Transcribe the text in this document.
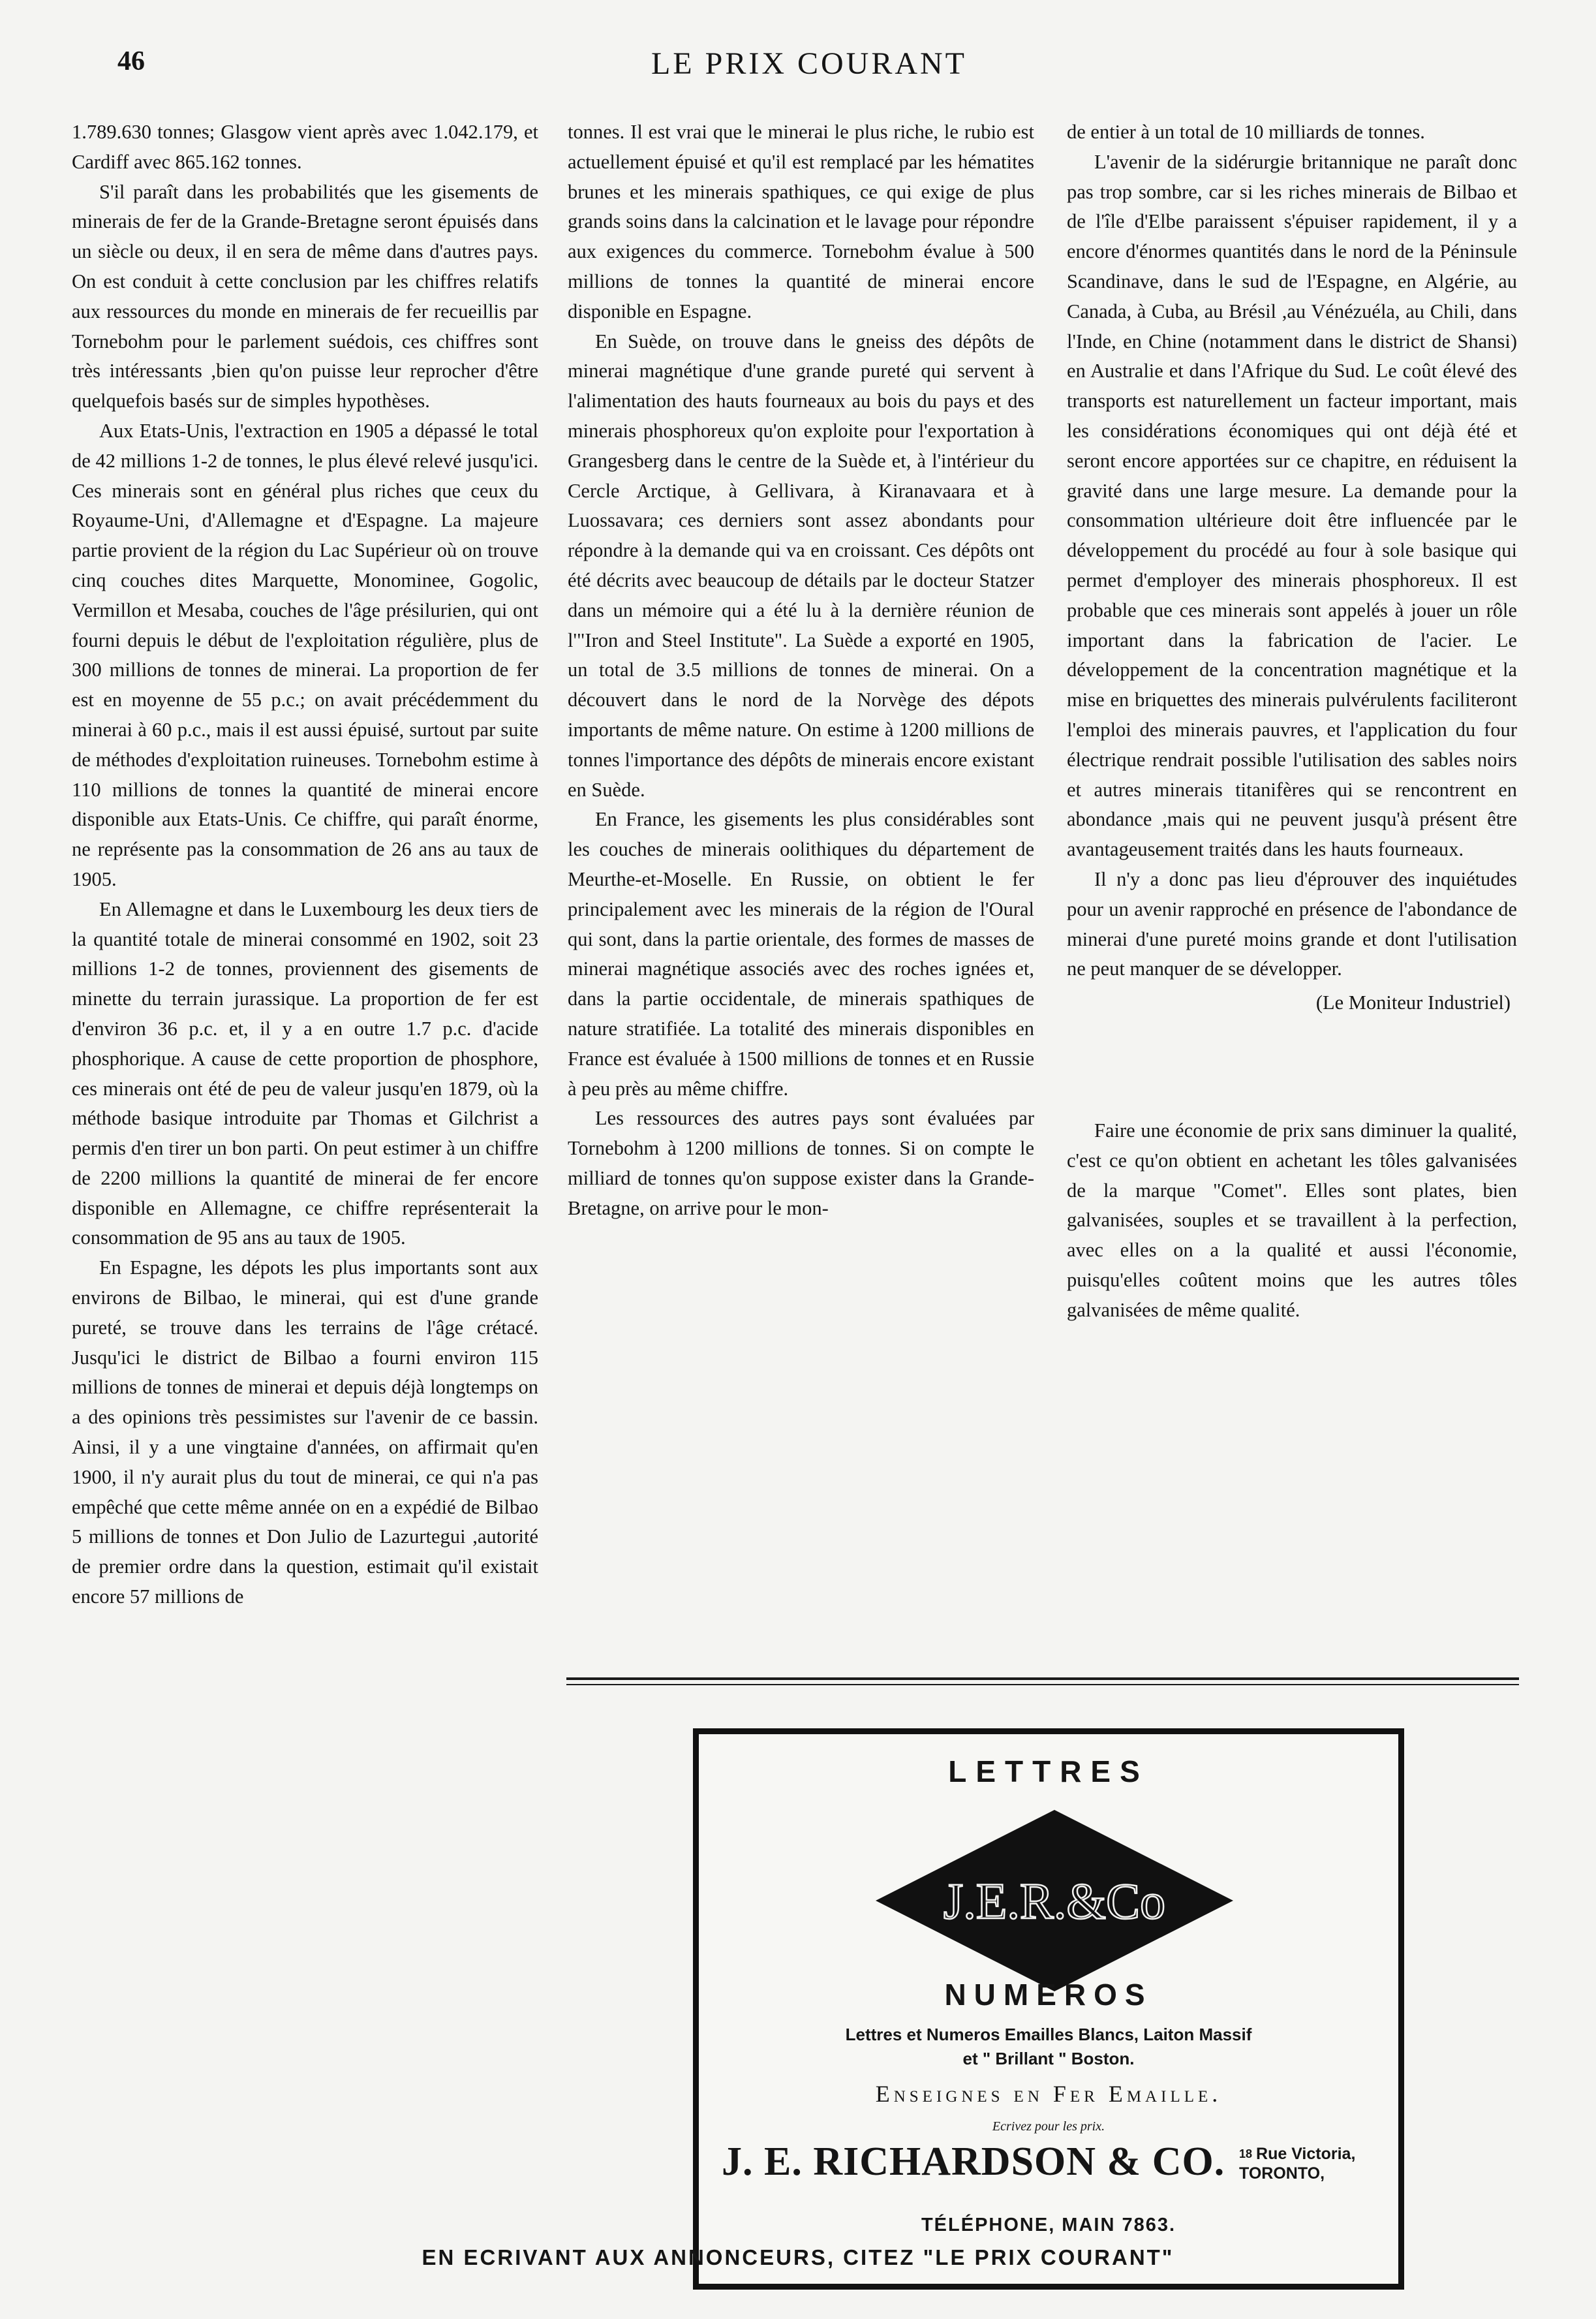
46	LE PRIX COURANT

1.789.630 tonnes; Glasgow vient après avec 1.042.179, et Cardiff avec 865.162 tonnes.

S'il paraît dans les probabilités que les gisements de minerais de fer de la Grande-Bretagne seront épuisés dans un siècle ou deux, il en sera de même dans d'autres pays. On est conduit à cette conclusion par les chiffres relatifs aux ressources du monde en minerais de fer recueillis par Tornebohm pour le parlement suédois, ces chiffres sont très intéressants ,bien qu'on puisse leur reprocher d'être quelquefois basés sur de simples hypothèses.

Aux Etats-Unis, l'extraction en 1905 a dépassé le total de 42 millions 1-2 de tonnes, le plus élevé relevé jusqu'ici. Ces minerais sont en général plus riches que ceux du Royaume-Uni, d'Allemagne et d'Espagne. La majeure partie provient de la région du Lac Supérieur où on trouve cinq couches dites Marquette, Monominee, Gogolic, Vermillon et Mesaba, couches de l'âge présilurien, qui ont fourni depuis le début de l'exploitation régulière, plus de 300 millions de tonnes de minerai. La proportion de fer est en moyenne de 55 p.c.; on avait précédemment du minerai à 60 p.c., mais il est aussi épuisé, surtout par suite de méthodes d'exploitation ruineuses. Tornebohm estime à 110 millions de tonnes la quantité de minerai encore disponible aux Etats-Unis. Ce chiffre, qui paraît énorme, ne représente pas la consommation de 26 ans au taux de 1905.

En Allemagne et dans le Luxembourg les deux tiers de la quantité totale de minerai consommé en 1902, soit 23 millions 1-2 de tonnes, proviennent des gisements de minette du terrain jurassique. La proportion de fer est d'environ 36 p.c. et, il y a en outre 1.7 p.c. d'acide phosphorique. A cause de cette proportion de phosphore, ces minerais ont été de peu de valeur jusqu'en 1879, où la méthode basique introduite par Thomas et Gilchrist a permis d'en tirer un bon parti. On peut estimer à un chiffre de 2200 millions la quantité de minerai de fer encore disponible en Allemagne, ce chiffre représenterait la consommation de 95 ans au taux de 1905.

En Espagne, les dépots les plus importants sont aux environs de Bilbao, le minerai, qui est d'une grande pureté, se trouve dans les terrains de l'âge crétacé. Jusqu'ici le district de Bilbao a fourni environ 115 millions de tonnes de minerai et depuis déjà longtemps on a des opinions très pessimistes sur l'avenir de ce bassin. Ainsi, il y a une vingtaine d'années, on affirmait qu'en 1900, il n'y aurait plus du tout de minerai, ce qui n'a pas empêché que cette même année on en a expédié de Bilbao 5 millions de tonnes et Don Julio de Lazurtegui ,autorité de premier ordre dans la question, estimait qu'il existait encore 57 millions de

tonnes. Il est vrai que le minerai le plus riche, le rubio est actuellement épuisé et qu'il est remplacé par les hématites brunes et les minerais spathiques, ce qui exige de plus grands soins dans la calcination et le lavage pour répondre aux exigences du commerce. Tornebohm évalue à 500 millions de tonnes la quantité de minerai encore disponible en Espagne.

En Suède, on trouve dans le gneiss des dépôts de minerai magnétique d'une grande pureté qui servent à l'alimentation des hauts fourneaux au bois du pays et des minerais phosphoreux qu'on exploite pour l'exportation à Grangesberg dans le centre de la Suède et, à l'intérieur du Cercle Arctique, à Gellivara, à Kiranavaara et à Luossavara; ces derniers sont assez abondants pour répondre à la demande qui va en croissant. Ces dépôts ont été décrits avec beaucoup de détails par le docteur Statzer dans un mémoire qui a été lu à la dernière réunion de l'"Iron and Steel Institute". La Suède a exporté en 1905, un total de 3.5 millions de tonnes de minerai. On a découvert dans le nord de la Norvège des dépots importants de même nature. On estime à 1200 millions de tonnes l'importance des dépôts de minerais encore existant en Suède.

En France, les gisements les plus considérables sont les couches de minerais oolithiques du département de Meurthe-et-Moselle. En Russie, on obtient le fer principalement avec les minerais de la région de l'Oural qui sont, dans la partie orientale, des formes de masses de minerai magnétique associés avec des roches ignées et, dans la partie occidentale, de minerais spathiques de nature stratifiée. La totalité des minerais disponibles en France est évaluée à 1500 millions de tonnes et en Russie à peu près au même chiffre.

Les ressources des autres pays sont évaluées par Tornebohm à 1200 millions de tonnes. Si on compte le milliard de tonnes qu'on suppose exister dans la Grande-Bretagne, on arrive pour le mon-

de entier à un total de 10 milliards de tonnes.

L'avenir de la sidérurgie britannique ne paraît donc pas trop sombre, car si les riches minerais de Bilbao et de l'île d'Elbe paraissent s'épuiser rapidement, il y a encore d'énormes quantités dans le nord de la Péninsule Scandinave, dans le sud de l'Espagne, en Algérie, au Canada, à Cuba, au Brésil ,au Vénézuéla, au Chili, dans l'Inde, en Chine (notamment dans le district de Shansi) en Australie et dans l'Afrique du Sud. Le coût élevé des transports est naturellement un facteur important, mais les considérations économiques qui ont déjà été et seront encore apportées sur ce chapitre, en réduisent la gravité dans une large mesure. La demande pour la consommation ultérieure doit être influencée par le développement du procédé au four à sole basique qui permet d'employer des minerais phosphoreux. Il est probable que ces minerais sont appelés à jouer un rôle important dans la fabrication de l'acier. Le développement de la concentration magnétique et la mise en briquettes des minerais pulvérulents faciliteront l'emploi des minerais pauvres, et l'application du four électrique rendrait possible l'utilisation des sables noirs et autres minerais titanifères qui se rencontrent en abondance ,mais qui ne peuvent jusqu'à présent être avantageusement traités dans les hauts fourneaux.

Il n'y a donc pas lieu d'éprouver des inquiétudes pour un avenir rapproché en présence de l'abondance de minerai d'une pureté moins grande et dont l'utilisation ne peut manquer de se développer.

(Le Moniteur Industriel)

Faire une économie de prix sans diminuer la qualité, c'est ce qu'on obtient en achetant les tôles galvanisées de la marque "Comet". Elles sont plates, bien galvanisées, souples et se travaillent à la perfection, avec elles on a la qualité et aussi l'économie, puisqu'elles coûtent moins que les autres tôles galvanisées de même qualité.

LETTRES
J.E.R.&Co
NUMEROS
Lettres et Numeros Emailles Blancs, Laiton Massif
et " Brillant " Boston.
Enseignes en Fer Emaille.
Ecrivez pour les prix.
J. E. RICHARDSON & CO. $^{18}$ Rue Victoria,
TORONTO,
TÉLÉPHONE, MAIN 7863.
EN ECRIVANT AUX ANNONCEURS, CITEZ "LE PRIX COURANT"
